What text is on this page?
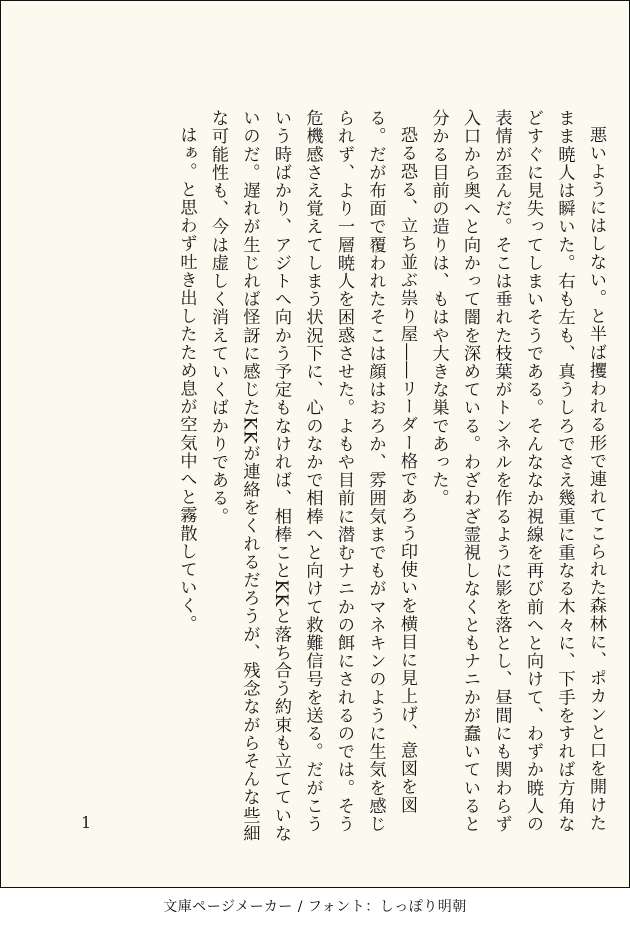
悪いようにはしない。と半ば攫われる形で連れてこられた森林に、ポカンと口を開けたまま暁人は瞬いた。右も左も、真うしろでさえ幾重に重なる木々に、下手をすれば方角などすぐに見失ってしまいそうである。そんななか視線を再び前へと向けて、わずか暁人の表情が歪んだ。そこは垂れた枝葉がトンネルを作るように影を落とし、昼間にも関わらず入口から奥へと向かって闇を深めている。わざわざ霊視しなくともナニかが蠢いていると分かる目前の造りは、もはや大きな巣であった。

恐る恐る、立ち並ぶ祟り屋――リーダー格であろう印使いを横目に見上げ、意図を図る。だが布面で覆われたそこは顔はおろか、雰囲気までもがマネキンのように生気を感じられず、より一層暁人を困惑させた。よもや目前に潜むナニかの餌にされるのでは。そう危機感さえ覚えてしまう状況下に、心のなかで相棒へと向けて救難信号を送る。だがこういう時ばかり、アジトへ向かう予定もなければ、相棒ことKKと落ち合う約束も立てていないのだ。遅れが生じれば怪訝に感じたKKが連絡をくれるだろうが、残念ながらそんな些細な可能性も、今は虚しく消えていくばかりである。

はぁ。と思わず吐き出したため息が空気中へと霧散していく。

1
文庫ページメーカー / フォント：しっぽり明朝
